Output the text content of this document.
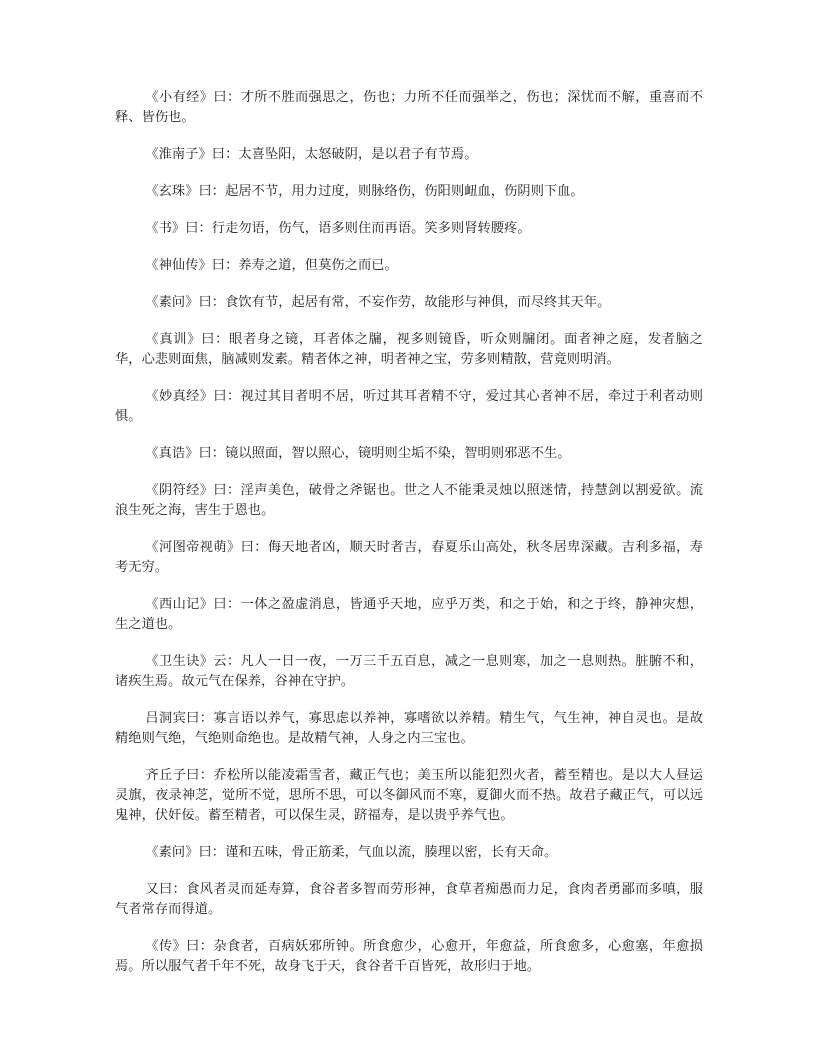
《小有经》曰：才所不胜而强思之，伤也；力所不任而强举之，伤也；深忧而不解，重喜而不释、皆伤也。

《淮南子》曰：太喜坠阳，太怒破阴，是以君子有节焉。

《玄珠》曰：起居不节，用力过度，则脉络伤，伤阳则衄血，伤阴则下血。

《书》曰：行走勿语，伤气，语多则住而再语。笑多则肾转腰疼。

《神仙传》曰：养寿之道，但莫伤之而已。

《素问》曰：食饮有节，起居有常，不妄作劳，故能形与神俱，而尽终其天年。

《真训》曰：眼者身之镜，耳者体之牖，视多则镜昏，听众则牖闭。面者神之庭，发者脑之华，心悲则面焦，脑减则发素。精者体之神，明者神之宝，劳多则精散，营竟则明消。

《妙真经》曰：视过其目者明不居，听过其耳者精不守，爱过其心者神不居，牵过于利者动则惧。

《真诰》曰：镜以照面，智以照心，镜明则尘垢不染，智明则邪恶不生。

《阴符经》曰：淫声美色，破骨之斧锯也。世之人不能秉灵烛以照迷情，持慧剑以割爱欲。流浪生死之海，害生于恩也。

《河图帝视萌》曰：侮天地者凶，顺天时者吉，春夏乐山高处，秋冬居卑深藏。吉利多福，寿考无穷。

《西山记》曰：一体之盈虚消息，皆通乎天地，应乎万类，和之于始，和之于终，静神灾想，生之道也。

《卫生诀》云：凡人一日一夜，一万三千五百息，减之一息则寒，加之一息则热。脏腑不和，诸疾生焉。故元气在保养，谷神在守护。

吕洞宾曰：寡言语以养气，寡思虑以养神，寡嗜欲以养精。精生气，气生神，神自灵也。是故精绝则气绝，气绝则命绝也。是故精气神，人身之内三宝也。

齐丘子曰：乔松所以能凌霜雪者，藏正气也；美玉所以能犯烈火者，蓄至精也。是以大人昼运灵旗，夜录神芝，觉所不觉，思所不思，可以冬御风而不寒，夏御火而不热。故君子藏正气，可以远鬼神，伏奸佞。蓄至精者，可以保生灵，跻福寿，是以贵乎养气也。

《素问》曰：谨和五味，骨正筋柔，气血以流，腠理以密，长有天命。

又曰：食风者灵而延寿算，食谷者多智而劳形神，食草者痴愚而力足，食肉者勇鄙而多嗔，服气者常存而得道。

《传》曰：杂食者，百病妖邪所钟。所食愈少，心愈开，年愈益，所食愈多，心愈塞，年愈损焉。所以服气者千年不死，故身飞于天，食谷者千百皆死，故形归于地。
